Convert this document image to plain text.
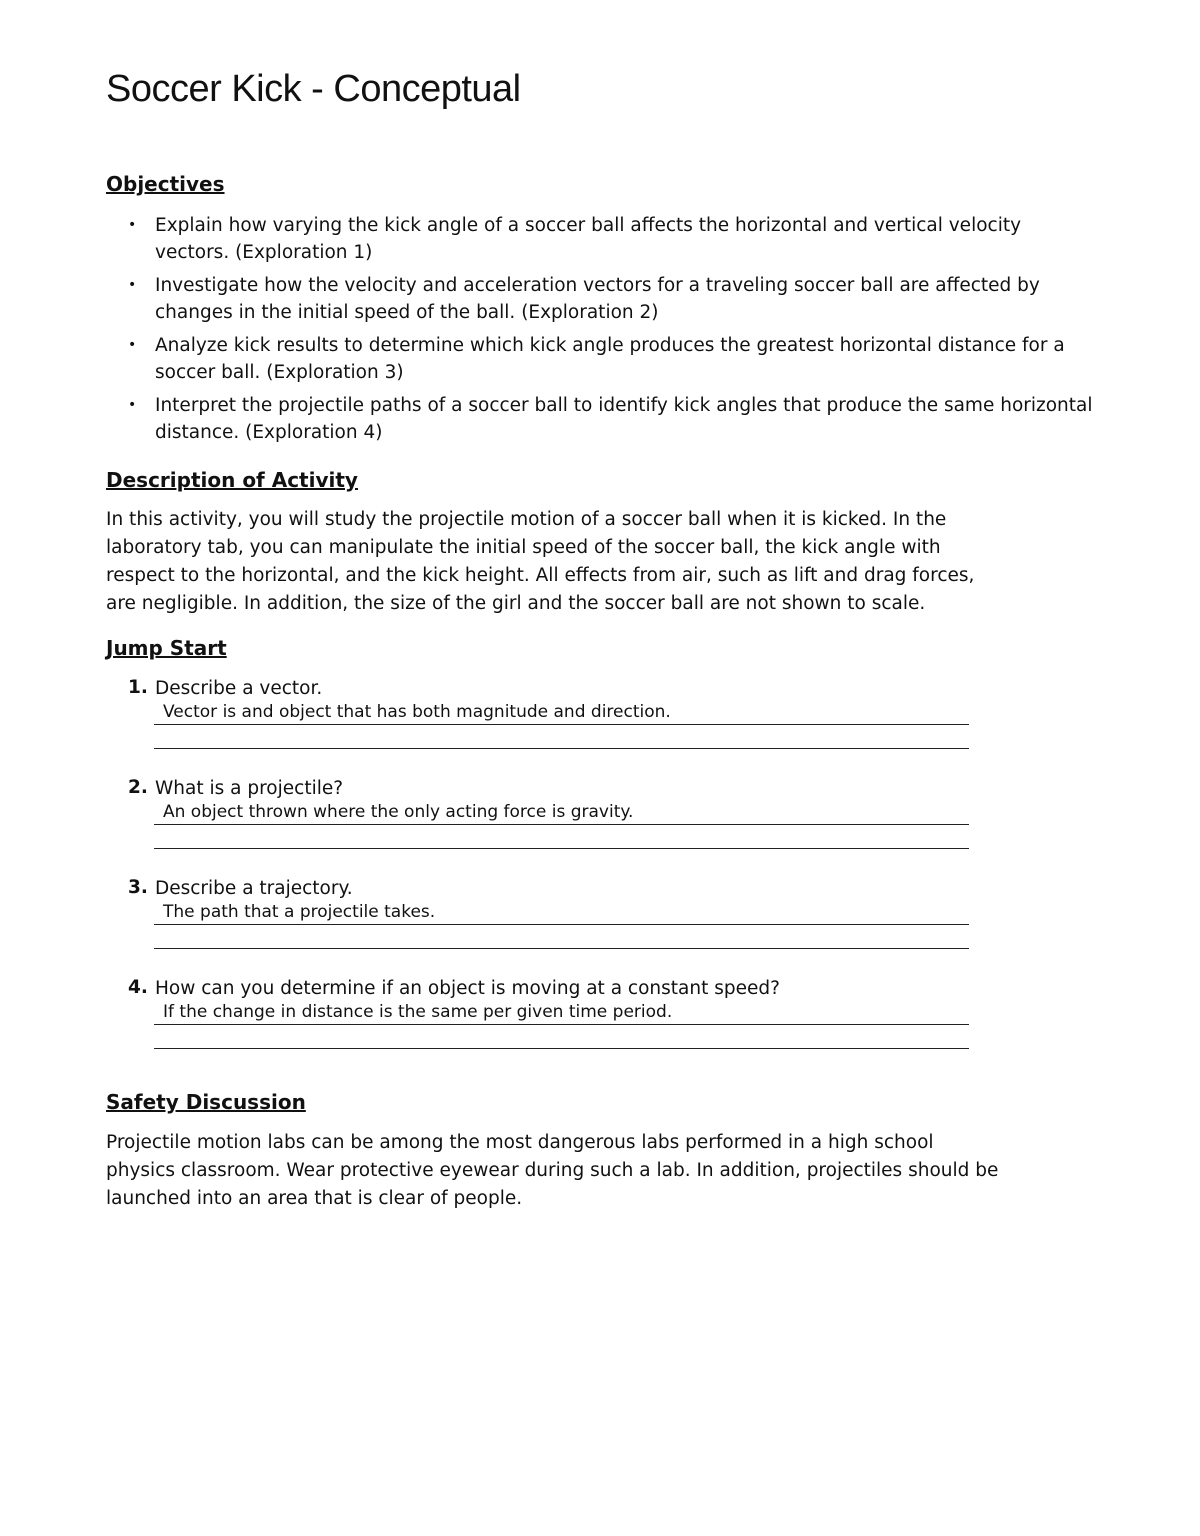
Soccer Kick - Conceptual
Objectives
• Explain how varying the kick angle of a soccer ball affects the horizontal and vertical velocity vectors. (Exploration 1)
• Investigate how the velocity and acceleration vectors for a traveling soccer ball are affected by changes in the initial speed of the ball. (Exploration 2)
• Analyze kick results to determine which kick angle produces the greatest horizontal distance for a soccer ball. (Exploration 3)
• Interpret the projectile paths of a soccer ball to identify kick angles that produce the same horizontal distance. (Exploration 4)
Description of Activity

In this activity, you will study the projectile motion of a soccer ball when it is kicked. In the laboratory tab, you can manipulate the initial speed of the soccer ball, the kick angle with respect to the horizontal, and the kick height. All effects from air, such as lift and drag forces, are negligible. In addition, the size of the girl and the soccer ball are not shown to scale.

Jump Start
1. Describe a vector.
Vector is and object that has both magnitude and direction.
2. What is a projectile?
An object thrown where the only acting force is gravity.
3. Describe a trajectory.
The path that a projectile takes.
4. How can you determine if an object is moving at a constant speed?
If the change in distance is the same per given time period.
Safety Discussion

Projectile motion labs can be among the most dangerous labs performed in a high school physics classroom. Wear protective eyewear during such a lab. In addition, projectiles should be launched into an area that is clear of people.
